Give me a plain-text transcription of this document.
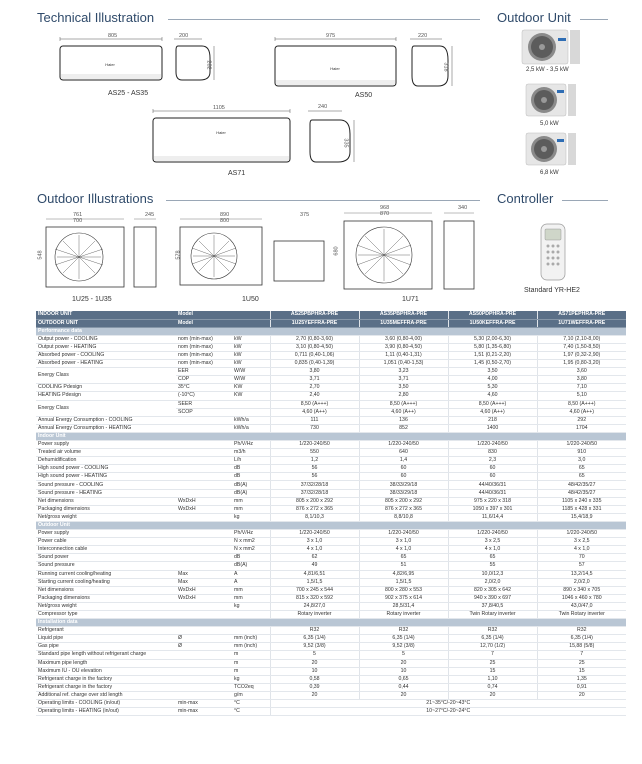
Technical Illustration	Outdoor Unit
Outdoor Illustrations	Controller
Haier
805	200
282
AS25 - AS35
Haier
975	220
318
AS50
Haier
1105	240
335
AS71
2,5 kW - 3,5 kW
5,0 kW
6,8 kW
761
700
245
548
1U25 - 1U35
890
800
375
578
1U50
968
870
340
680
1U71
Standard YR-HE2
INDOOR UNIT	Model		AS25PBPHRA-PRE	AS35PBPHRA-PRE	AS50PDPHRA-PRE	AS71PEPHRA-PRE
OUTDOOR UNIT	Model		1U25YEFFRA-PRE	1U35MEFFRA-PRE	1U50KEFFRA-PRE	1U71WEFFRA-PRE
Performance data						
Output power - COOLING	nom (min-max)	kW	2,70 (0,80-3,60)	3,60 (0,80-4,00)	5,30 (2,00-6,30)	7,10 (2,10-8,00)
Output power - HEATING	nom (min-max)	kW	3,10 (0,80-4,50)	3,90 (0,80-4,50)	5,80 (1,35-6,80)	7,40 (1,50-8,50)
Absorbed power - COOLING	nom (min-max)	kW	0,711 (0,40-1,06)	1,11 (0,40-1,31)	1,51 (0,21-2,20)	1,97 (0,32-2,90)
Absorbed power - HEATING	nom (min-max)	kW	0,835 (0,40-1,39)	1,051 (0,40-1,53)	1,45 (0,50-2,70)	1,95 (0,80-3,20)
Energy Class	EER	W/W	3,80	3,23	3,50	3,60
	COP	W/W	3,71	3,71	4,00	3,80
COOLING Pdesign	35°C	KW	2,70	3,50	5,30	7,10
HEATING Pdesign	(-10°C)	KW	2,40	2,80	4,60	5,10
Energy Class	SEER		8,50 (A+++)	8,50 (A+++)	8,50 (A+++)	8,50 (A+++)
	SCOP		4,60 (A++)	4,60 (A++)	4,60 (A++)	4,60 (A++)
Annual Energy Consumption - COOLING		kWh/a	111	136	218	292
Annual Energy Consumption - HEATING		kWh/a	730	852	1400	1704
Indoor Unit						
Power supply		Ph/V/Hz	1/220-240/50	1/220-240/50	1/220-240/50	1/220-240/50
Treated air volume		m3/h	550	640	830	910
Dehumidification		L/h	1,2	1,4	2,3	3,0
High sound power - COOLING		dB	56	60	60	65
High sound power - HEATING		dB	56	60	60	65
Sound pressure - COOLING		dB(A)	37/32/28/18	38/33/29/18	44/40/36/31	48/42/35/27
Sound pressure - HEATING		dB(A)	37/32/28/18	38/33/29/18	44/40/36/31	48/42/35/27
Net dimensions	WxDxH	mm	805 x 200 x 292	805 x 200 x 292	975 x 220 x 318	1105 x 240 x 335
Packaging dimensions	WxDxH	mm	876 x 272 x 365	876 x 272 x 365	1050 x 397 x 301	1185 x 428 x 331
Net/gross weight		kg	8,1/10,3	8,8/10,8	11,6/14,4	15,4/18,9
Outdoor Unit						
Power supply		Ph/V/Hz	1/220-240/50	1/220-240/50	1/220-240/50	1/220-240/50
Power cable		N x mm2	3 x 1,0	3 x 1,0	3 x 2,5	3 x 2,5
Interconnection cable		N x mm2	4 x 1,0	4 x 1,0	4 x 1,0	4 x 1,0
Sound power		dB	62	65	65	70
Sound pressure		dB(A)	49	51	55	57
Running current cooling/heating	Max	A	4,81/6,51	4,82/6,95	10,0/12,3	13,2/14,5
Starting current cooling/heating	Max	A	1,5/1,5	1,5/1,5	2,0/2,0	2,0/2,0
Net dimensions	WxDxH	mm	700 x 245 x 544	800 x 280 x 553	820 x 305 x 642	890 x 340 x 705
Packaging dimensions	WxDxH	mm	815 x 320 x 592	902 x 375 x 614	940 x 390 x 697	1046 x 460 x 780
Net/gross weight		kg	24,8/27,0	28,5/31,4	37,8/40,5	43,0/47,0
Compressor type			Rotary inverter	Rotary inverter	Twin Rotary inverter	Twin Rotary inverter
Installation data						
Refrigerant			R32	R32	R32	R32
Liquid pipe	Ø	mm (inch)	6,35 (1/4)	6,35 (1/4)	6,35 (1/4)	6,35 (1/4)
Gas pipe	Ø	mm (inch)	9,52 (3/8)	9,52 (3/8)	12,70 (1/2)	15,88 (5/8)
Standard pipe length without refrigerant charge		m	5	5	7	7
Maximum pipe length		m	20	20	25	25
Maximum IU - OU elevation		m	10	10	15	15
Refrigerant charge in the factory		kg	0,58	0,65	1,10	1,35
Refrigerant charge in the factory		TCO2eq	0,39	0,44	0,74	0,91
Additional ref. charge over std length		g/m	20	20	20	20
Operating limits - COOLING (in/out)	min-max	°C	21~35°C/-20~43°C			
Operating limits - HEATING (in/out)	min-max	°C	10~27°C/-20~24°C			
